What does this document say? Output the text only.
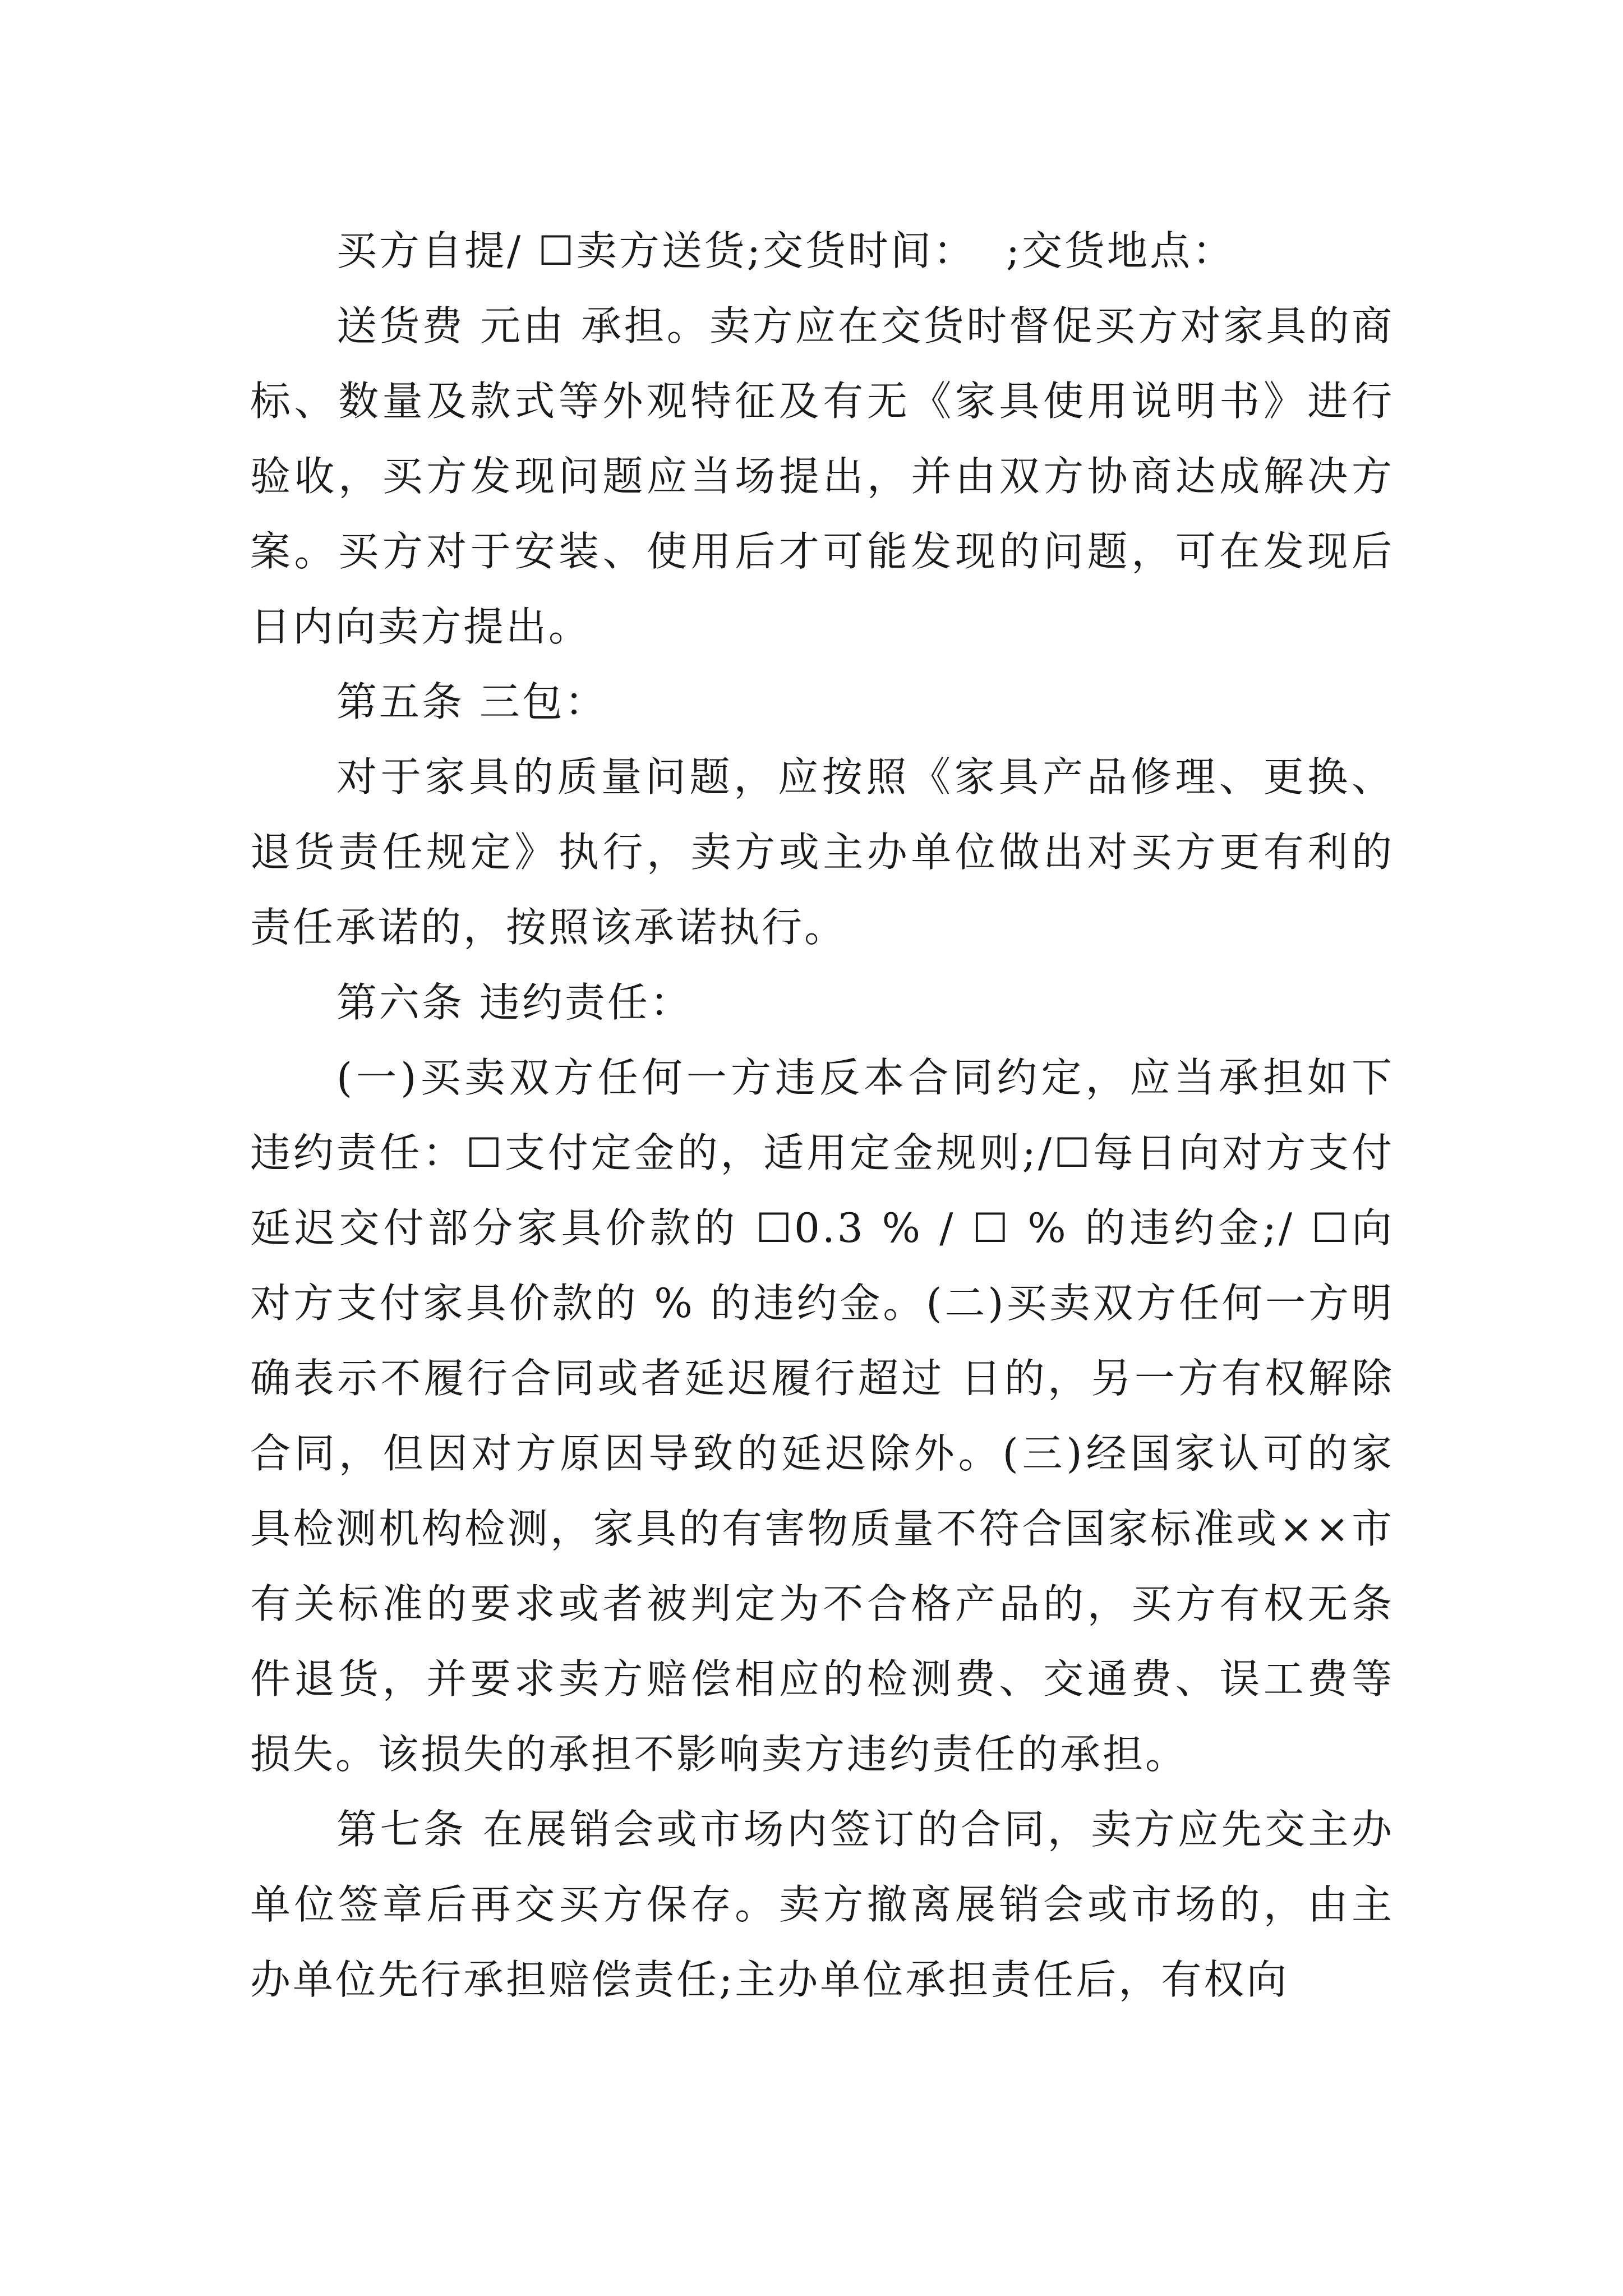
买方自提/ ☐卖方送货;交货时间：  ;交货地点：

送货费 元由 承担。卖方应在交货时督促买方对家具的商标、数量及款式等外观特征及有无《家具使用说明书》进行验收，买方发现问题应当场提出，并由双方协商达成解决方案。买方对于安装、使用后才可能发现的问题，可在发现后 日内向卖方提出。

第五条 三包：

对于家具的质量问题，应按照《家具产品修理、更换、退货责任规定》执行，卖方或主办单位做出对买方更有利的责任承诺的，按照该承诺执行。

第六条 违约责任：

(一)买卖双方任何一方违反本合同约定，应当承担如下违约责任：☐支付定金的，适用定金规则;/☐每日向对方支付延迟交付部分家具价款的 ☐0.3 % / ☐ % 的违约金;/ ☐向对方支付家具价款的 % 的违约金。(二)买卖双方任何一方明确表示不履行合同或者延迟履行超过 日的，另一方有权解除合同，但因对方原因导致的延迟除外。(三)经国家认可的家具检测机构检测，家具的有害物质量不符合国家标准或××市有关标准的要求或者被判定为不合格产品的，买方有权无条件退货，并要求卖方赔偿相应的检测费、交通费、误工费等损失。该损失的承担不影响卖方违约责任的承担。

第七条 在展销会或市场内签订的合同，卖方应先交主办单位签章后再交买方保存。卖方撤离展销会或市场的，由主办单位先行承担赔偿责任;主办单位承担责任后，有权向
